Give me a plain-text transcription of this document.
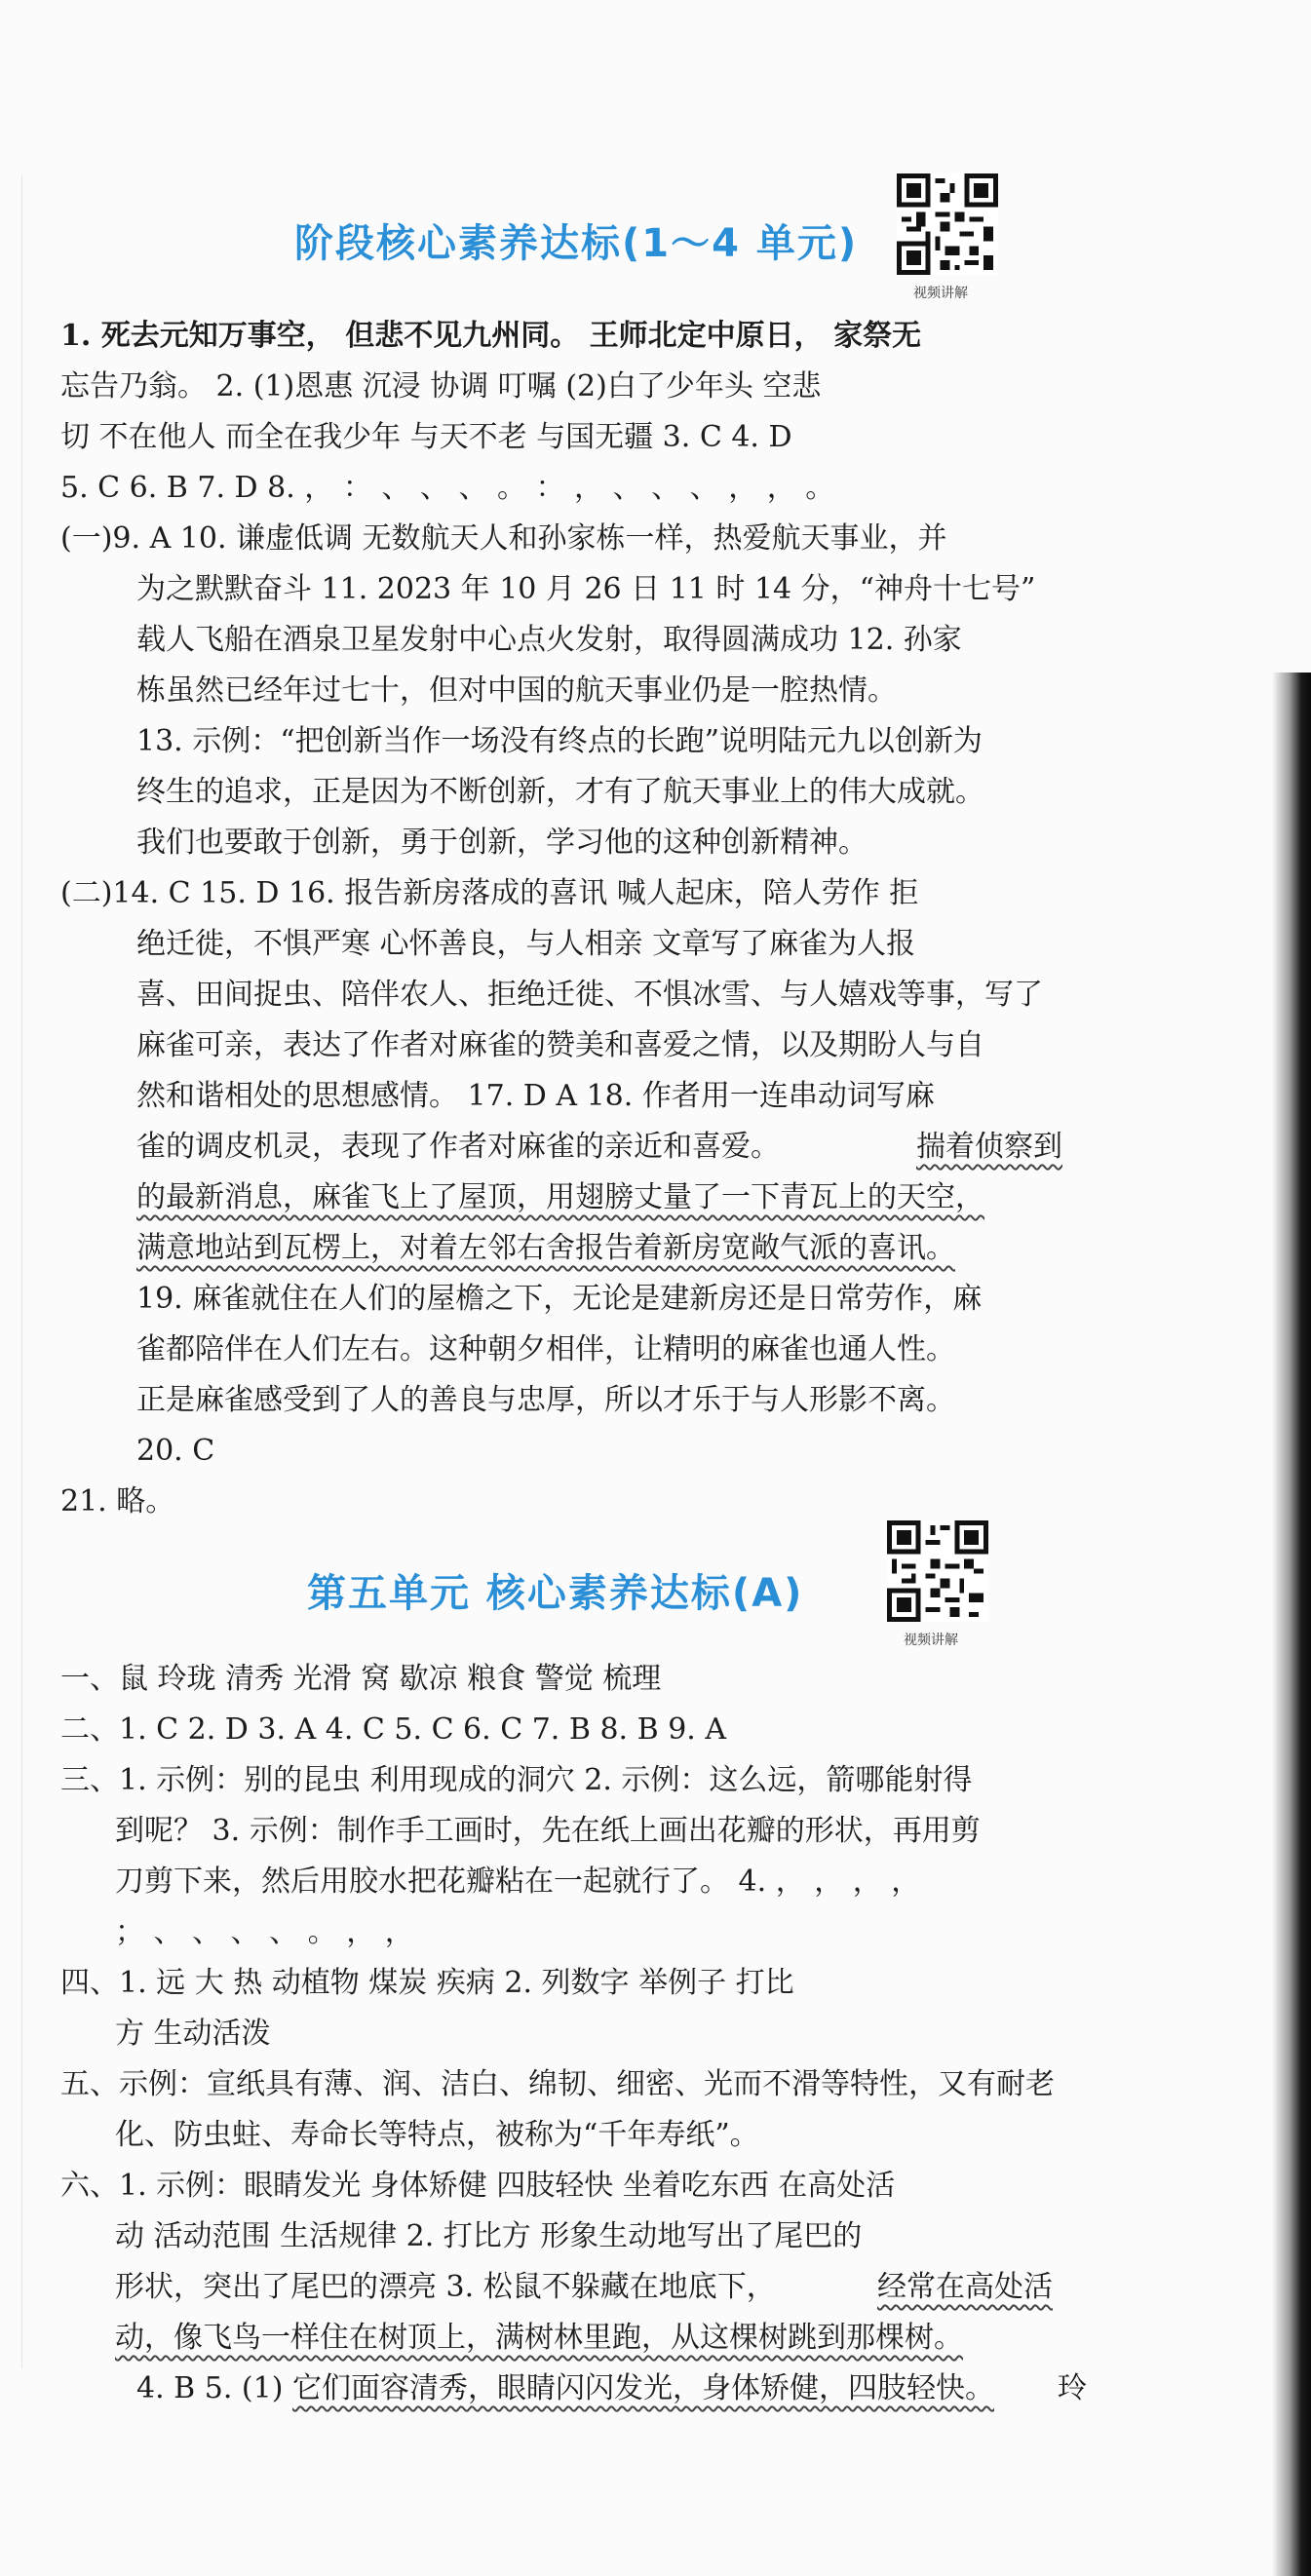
阶段核心素养达标(1～4 单元)
视频讲解
1. 死去元知万事空， 但悲不见九州同。 王师北定中原日， 家祭无
忘告乃翁。 2. (1)恩惠 沉浸 协调 叮嘱 (2)白了少年头 空悲
切 不在他人 而全在我少年 与天不老 与国无疆 3. C 4. D
5. C 6. B 7. D 8. ， ： 、 、 、 。 ： ， 、 、 、 ， ， 。
(一)9. A 10. 谦虚低调 无数航天人和孙家栋一样，热爱航天事业，并
为之默默奋斗 11. 2023 年 10 月 26 日 11 时 14 分，“神舟十七号”
载人飞船在酒泉卫星发射中心点火发射，取得圆满成功 12. 孙家
栋虽然已经年过七十，但对中国的航天事业仍是一腔热情。
13. 示例：“把创新当作一场没有终点的长跑”说明陆元九以创新为
终生的追求，正是因为不断创新，才有了航天事业上的伟大成就。
我们也要敢于创新，勇于创新，学习他的这种创新精神。
(二)14. C 15. D 16. 报告新房落成的喜讯 喊人起床，陪人劳作 拒
绝迁徙，不惧严寒 心怀善良，与人相亲 文章写了麻雀为人报
喜、田间捉虫、陪伴农人、拒绝迁徙、不惧冰雪、与人嬉戏等事，写了
麻雀可亲，表达了作者对麻雀的赞美和喜爱之情，以及期盼人与自
然和谐相处的思想感情。 17. D A 18. 作者用一连串动词写麻
雀的调皮机灵，表现了作者对麻雀的亲近和喜爱。	揣着侦察到
的最新消息，麻雀飞上了屋顶，用翅膀丈量了一下青瓦上的天空，
满意地站到瓦楞上，对着左邻右舍报告着新房宽敞气派的喜讯。
19. 麻雀就住在人们的屋檐之下，无论是建新房还是日常劳作，麻
雀都陪伴在人们左右。这种朝夕相伴，让精明的麻雀也通人性。
正是麻雀感受到了人的善良与忠厚，所以才乐于与人形影不离。
20. C
21. 略。
第五单元 核心素养达标(A)
视频讲解
一、鼠 玲珑 清秀 光滑 窝 歇凉 粮食 警觉 梳理
二、1. C 2. D 3. A 4. C 5. C 6. C 7. B 8. B 9. A
三、1. 示例：别的昆虫 利用现成的洞穴 2. 示例：这么远，箭哪能射得
到呢？ 3. 示例：制作手工画时，先在纸上画出花瓣的形状，再用剪
刀剪下来，然后用胶水把花瓣粘在一起就行了。 4. ， ， ， ，
； 、 、 、 、 。 ， ，
四、1. 远 大 热 动植物 煤炭 疾病 2. 列数字 举例子 打比
方 生动活泼
五、示例：宣纸具有薄、润、洁白、绵韧、细密、光而不滑等特性，又有耐老
化、防虫蛀、寿命长等特点，被称为“千年寿纸”。
六、1. 示例：眼睛发光 身体矫健 四肢轻快 坐着吃东西 在高处活
动 活动范围 生活规律 2. 打比方 形象生动地写出了尾巴的
形状，突出了尾巴的漂亮 3. 松鼠不躲藏在地底下，	经常在高处活
动，像飞鸟一样住在树顶上，满树林里跑，从这棵树跳到那棵树。
4. B 5. (1) 它们面容清秀，眼睛闪闪发光，身体矫健，四肢轻快。 玲
